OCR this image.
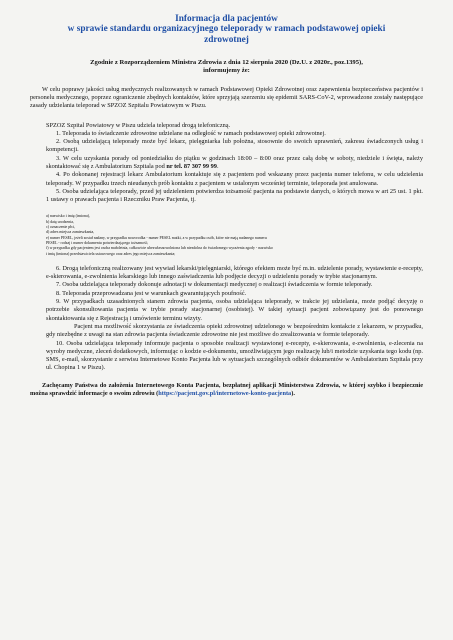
Informacja dla pacjentów
w sprawie standardu organizacyjnego teleporady w ramach podstawowej opieki
zdrowotnej

Zgodnie z Rozporządzeniem Ministra Zdrowia z dnia 12 sierpnia 2020 (Dz.U. z 2020r., poz.1395),
informujemy że:

W celu poprawy jakości usług medycznych realizowanych w ramach Podstawowej Opieki Zdrowotnej oraz zapewnienia bezpieczeństwa pacjentów i personelu medycznego, poprzez ograniczenie zbędnych kontaktów, które sprzyjają szerzeniu się epidemii SARS-CoV-2, wprowadzone zostały następujące zasady udzielania teleporad w SPZOZ Szpitalu Powiatowym w Piszu.

SPZOZ Szpital Powiatowy w Piszu udziela teleporad drogą telefoniczną.

1. Teleporada to świadczenie zdrowotne udzielane na odległość w ramach podstawowej opieki zdrowotnej.

2. Osobą udzielającą teleporady może być lekarz, pielęgniarka lub położna, stosownie do swoich uprawnień, zakresu świadczonych usług i kompetencji.

3. W celu uzyskania porady od poniedziałku do piątku w godzinach 18:00 – 8:00 oraz przez całą dobę w soboty, niedziele i święta, należy skontaktować się z Ambulatorium Szpitala pod nr tel. 87 307 99 99.

4. Po dokonanej rejestracji lekarz Ambulatorium kontaktuje się z pacjentem pod wskazany przez pacjenta numer telefonu, w celu udzielenia teleporady. W przypadku trzech nieudanych prób kontaktu z pacjentem w ustalonym wcześniej terminie, teleporada jest anulowana.

5. Osoba udzielająca teleporady, przed jej udzieleniem potwierdza tożsamość pacjenta na podstawie danych, o których mowa w art 25 ust. 1 pkt. 1 ustawy o prawach pacjenta i Rzeczniku Praw Pacjenta, tj.

a) nazwisko i imię (imiona),

b) datę urodzenia,

c) oznaczenie płci,

d) adres miejsca zamieszkania,

e) numer PESEL, jeżeli został nadany, w przypadku noworodka - numer PESEL matki, a w przypadku osób, które nie mają nadanego numeru

PESEL - rodzaj i numer dokumentu potwierdzającego tożsamość,

f) w przypadku gdy pacjentem jest osoba małoletnia, całkowicie ubezwłasnowolniona lub niezdolna do świadomego wyrażenia zgody - nazwisko

i imię (imiona) przedstawiciela ustawowego oraz adres jego miejsca zamieszkania;

6. Drogą telefoniczną realizowany jest wywiad lekarski/pielęgniarski, którego efektem może być m.in. udzielenie porady, wystawienie e-recepty, e-skierowania, e-zwolnienia lekarskiego lub innego zaświadczenia lub podjęcie decyzji o udzieleniu porady w trybie stacjonarnym.

7. Osoba udzielająca teleporady dokonuje adnotacji w dokumentacji medycznej o realizacji świadczenia w formie teleporady.

8. Teleporada przeprowadzana jest w warunkach gwarantujących poufność.

9. W przypadkach uzasadnionych stanem zdrowia pacjenta, osoba udzielająca teleporady, w trakcie jej udzielania, może podjąć decyzję o potrzebie skonsultowania pacjenta w trybie porady stacjonarnej (osobistej). W takiej sytuacji pacjent zobowiązany jest do ponownego skontaktowania się z Rejestracją i umówienie terminu wizyty.

Pacjent ma możliwość skorzystania ze świadczenia opieki zdrowotnej udzielonego w bezpośrednim kontakcie z lekarzem, w przypadku, gdy niezbędne z uwagi na stan zdrowia pacjenta świadczenie zdrowotne nie jest możliwe do zrealizowania w formie teleporady.

10. Osoba udzielająca teleporady informuje pacjenta o sposobie realizacji wystawionej e-recepty, e-skierowania, e-zwolnienia, e-zlecenia na wyroby medyczne, zleceń dodatkowych, informując o kodzie e-dokumentu, umożliwiającym jego realizację lub/i metodzie uzyskania tego kodu (np. SMS, e-mail, skorzystanie z serwisu Internetowe Konto Pacjenta lub w sytuacjach szczególnych odbiór dokumentów w Ambulatorium Szpitala przy ul. Chopina 1 w Piszu).

Zachęcamy Państwa do założenia Internetowego Konta Pacjenta, bezpłatnej aplikacji Ministerstwa Zdrowia, w której szybko i bezpiecznie można sprawdzić informacje o swoim zdrowiu (https://pacjent.gov.pl/internetowe-konto-pacjenta).
